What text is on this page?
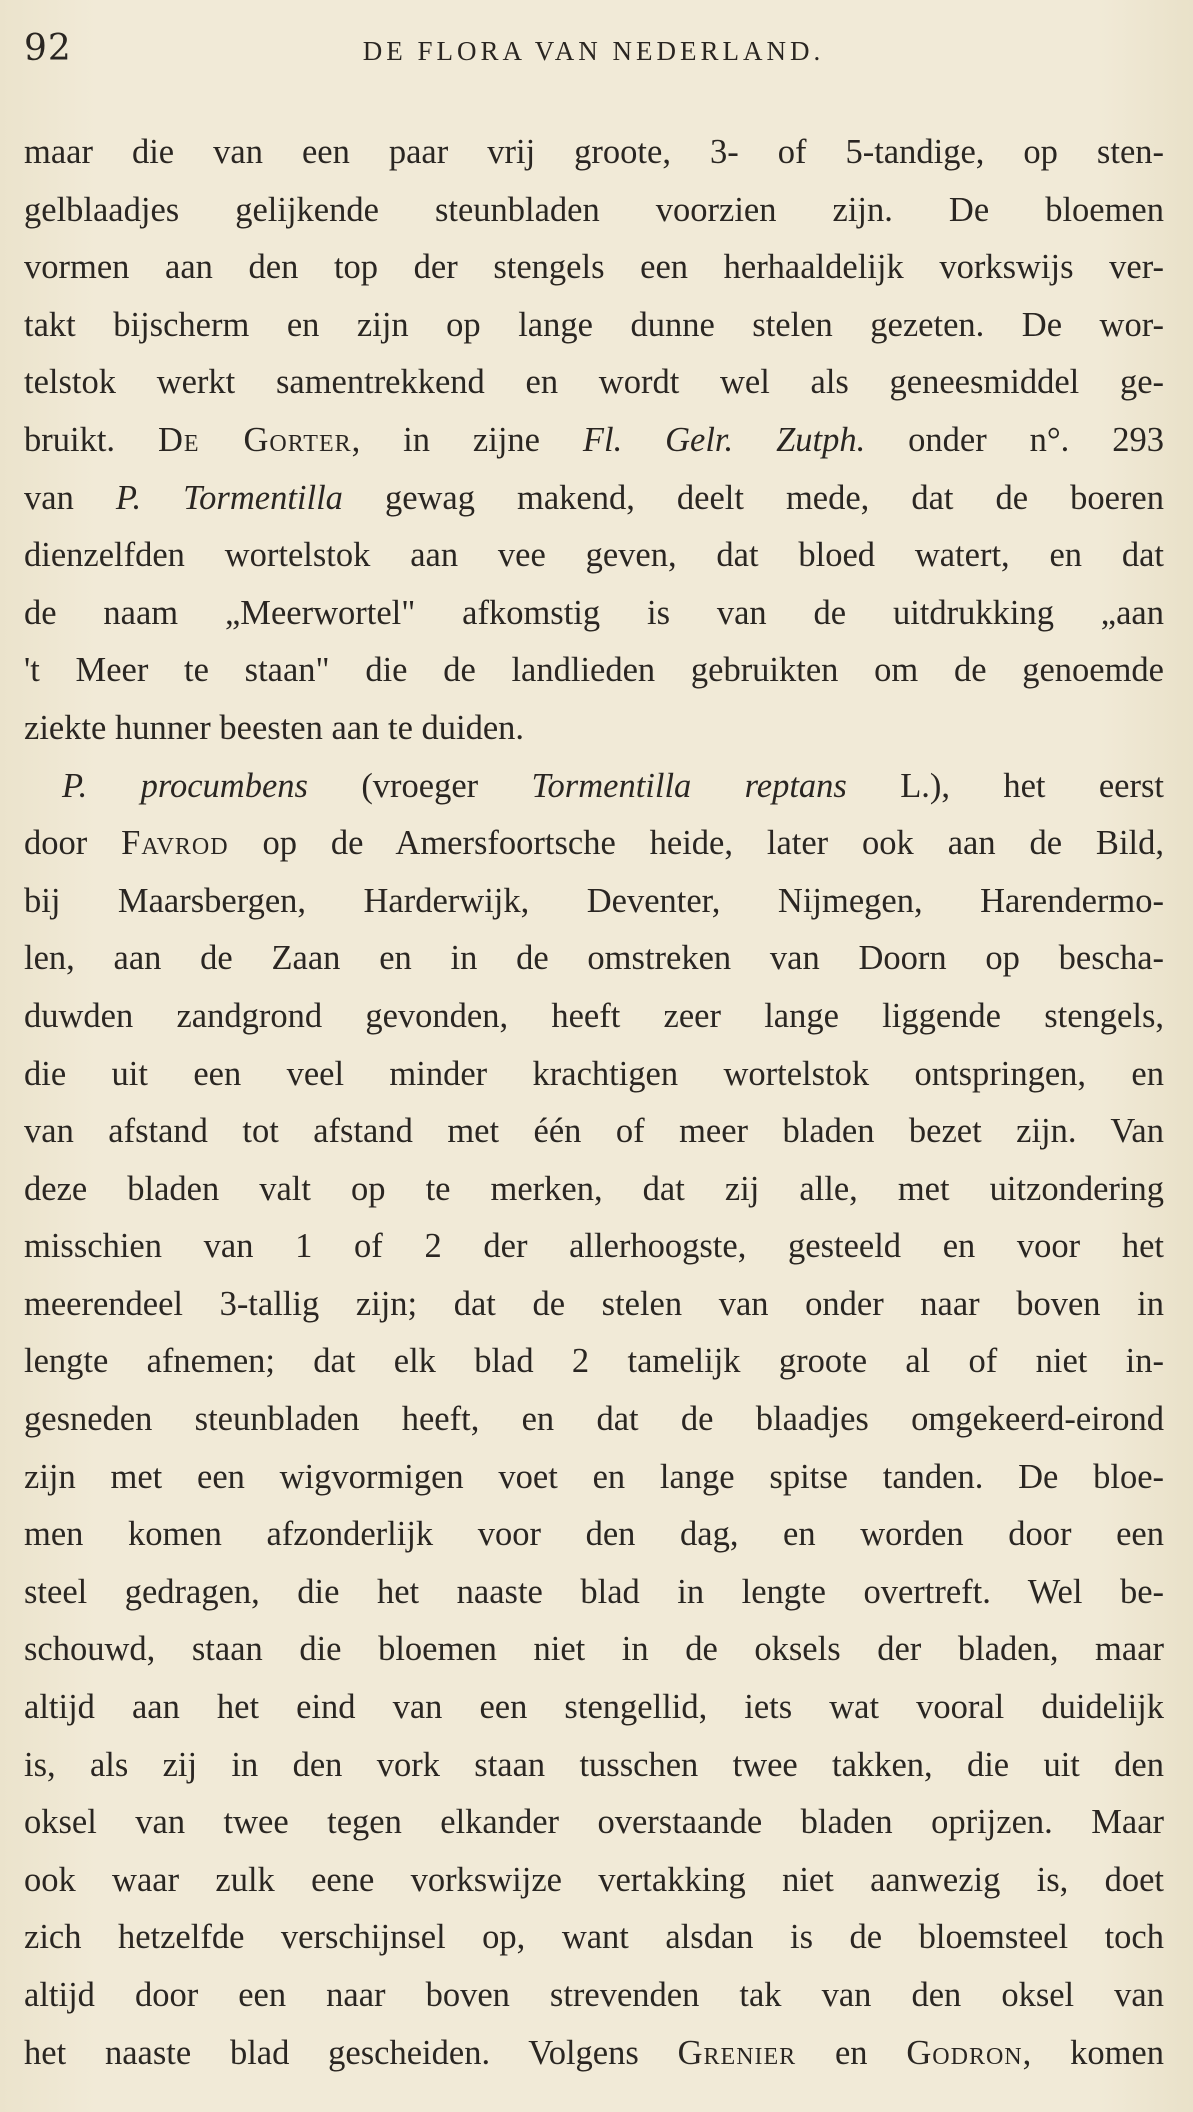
92	DE FLORA VAN NEDERLAND.
maar die van een paar vrij groote, 3- of 5-tandige, op sten-
gelblaadjes gelijkende steunbladen voorzien zijn. De bloemen
vormen aan den top der stengels een herhaaldelijk vorkswijs ver-
takt bijscherm en zijn op lange dunne stelen gezeten. De wor-
telstok werkt samentrekkend en wordt wel als geneesmiddel ge-
bruikt. De Gorter, in zijne Fl. Gelr. Zutph. onder n°. 293
van P. Tormentilla gewag makend, deelt mede, dat de boeren
dienzelfden wortelstok aan vee geven, dat bloed watert, en dat
de naam „Meerwortel" afkomstig is van de uitdrukking „aan
't Meer te staan" die de landlieden gebruikten om de genoemde
ziekte hunner beesten aan te duiden.
P. procumbens (vroeger Tormentilla reptans L.), het eerst
door Favrod op de Amersfoortsche heide, later ook aan de Bild,
bij Maarsbergen, Harderwijk, Deventer, Nijmegen, Harendermo-
len, aan de Zaan en in de omstreken van Doorn op bescha-
duwden zandgrond gevonden, heeft zeer lange liggende stengels,
die uit een veel minder krachtigen wortelstok ontspringen, en
van afstand tot afstand met één of meer bladen bezet zijn. Van
deze bladen valt op te merken, dat zij alle, met uitzondering
misschien van 1 of 2 der allerhoogste, gesteeld en voor het
meerendeel 3-tallig zijn; dat de stelen van onder naar boven in
lengte afnemen; dat elk blad 2 tamelijk groote al of niet in-
gesneden steunbladen heeft, en dat de blaadjes omgekeerd-eirond
zijn met een wigvormigen voet en lange spitse tanden. De bloe-
men komen afzonderlijk voor den dag, en worden door een
steel gedragen, die het naaste blad in lengte overtreft. Wel be-
schouwd, staan die bloemen niet in de oksels der bladen, maar
altijd aan het eind van een stengellid, iets wat vooral duidelijk
is, als zij in den vork staan tusschen twee takken, die uit den
oksel van twee tegen elkander overstaande bladen oprijzen. Maar
ook waar zulk eene vorkswijze vertakking niet aanwezig is, doet
zich hetzelfde verschijnsel op, want alsdan is de bloemsteel toch
altijd door een naar boven strevenden tak van den oksel van
het naaste blad gescheiden. Volgens Grenier en Godron, komen
